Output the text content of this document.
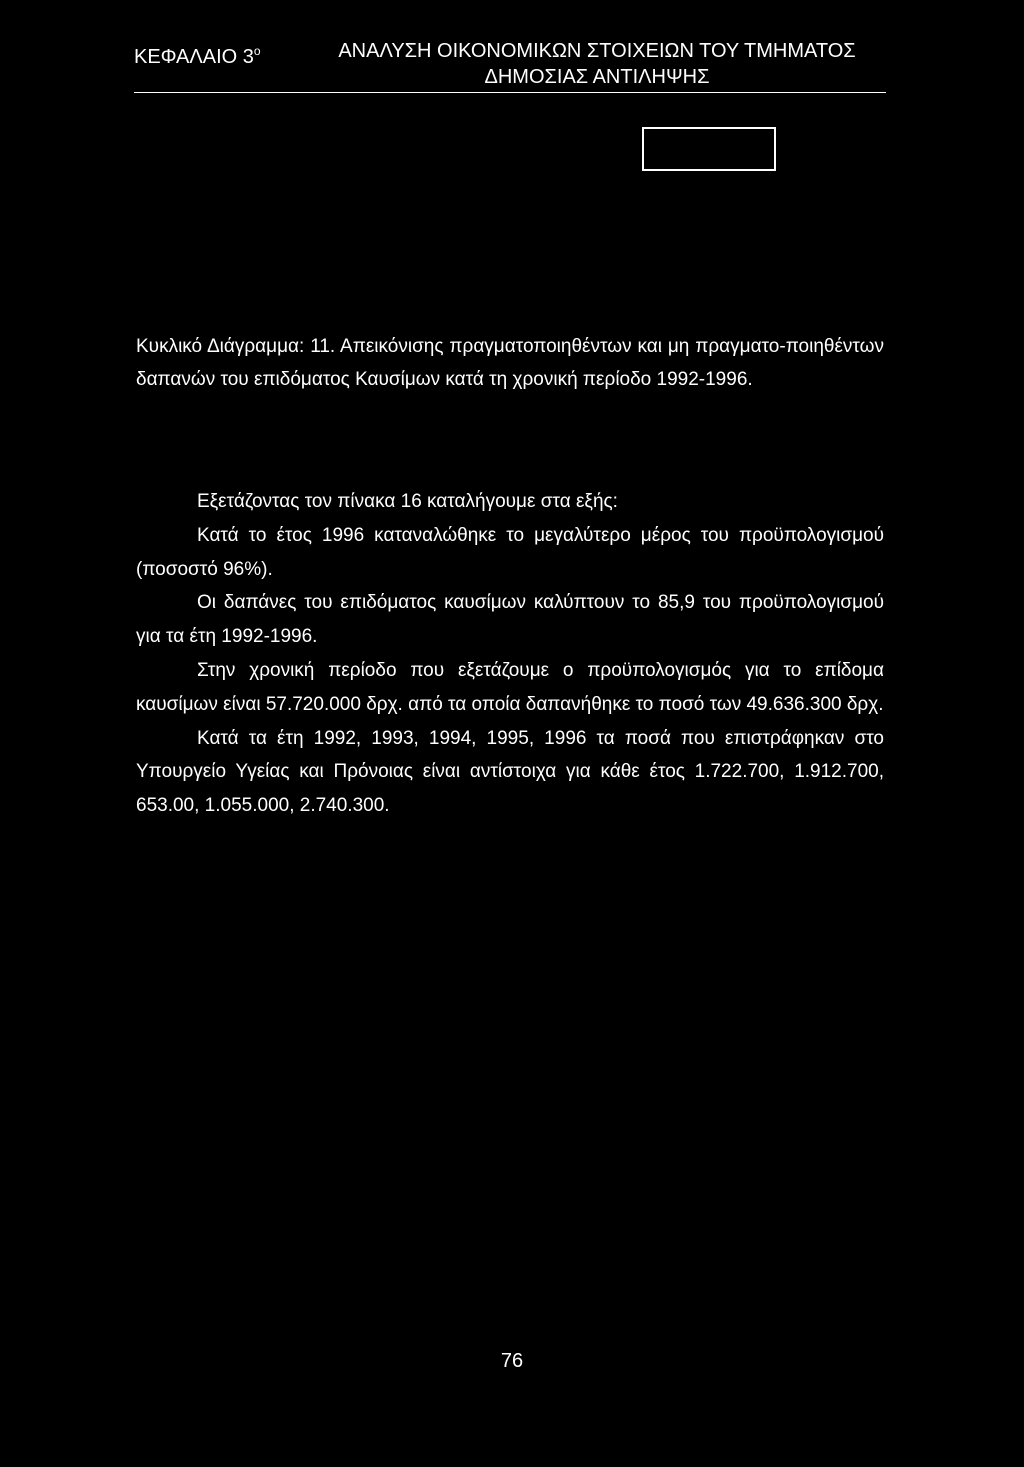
ΚΕΦΑΛΑΙΟ $3^o$	ΑΝΑΛΥΣΗ ΟΙΚΟΝΟΜΙΚΩΝ ΣΤΟΙΧΕΙΩΝ ΤΟΥ ΤΜΗΜΑΤΟΣ ΔΗΜΟΣΙΑΣ ΑΝΤΙΛΗΨΗΣ
Κυκλικό Διάγραμμα: 11. Απεικόνισης πραγματοποιηθέντων και μη πραγματο-ποιηθέντων δαπανών του επιδόματος Καυσίμων κατά τη χρονική περίοδο 1992-1996.

Εξετάζοντας τον πίνακα 16 καταλήγουμε στα εξής:

Κατά το έτος 1996 καταναλώθηκε το μεγαλύτερο μέρος του προϋπολογισμού (ποσοστό 96%).

Οι δαπάνες του επιδόματος καυσίμων καλύπτουν το 85,9 του προϋπολογισμού για τα έτη 1992-1996.

Στην χρονική περίοδο που εξετάζουμε ο προϋπολογισμός για το επίδομα καυσίμων είναι 57.720.000 δρχ. από τα οποία δαπανήθηκε το ποσό των 49.636.300 δρχ.

Κατά τα έτη 1992, 1993, 1994, 1995, 1996 τα ποσά που επιστράφηκαν στο Υπουργείο Υγείας και Πρόνοιας είναι αντίστοιχα για κάθε έτος 1.722.700, 1.912.700, 653.00, 1.055.000, 2.740.300.

76
